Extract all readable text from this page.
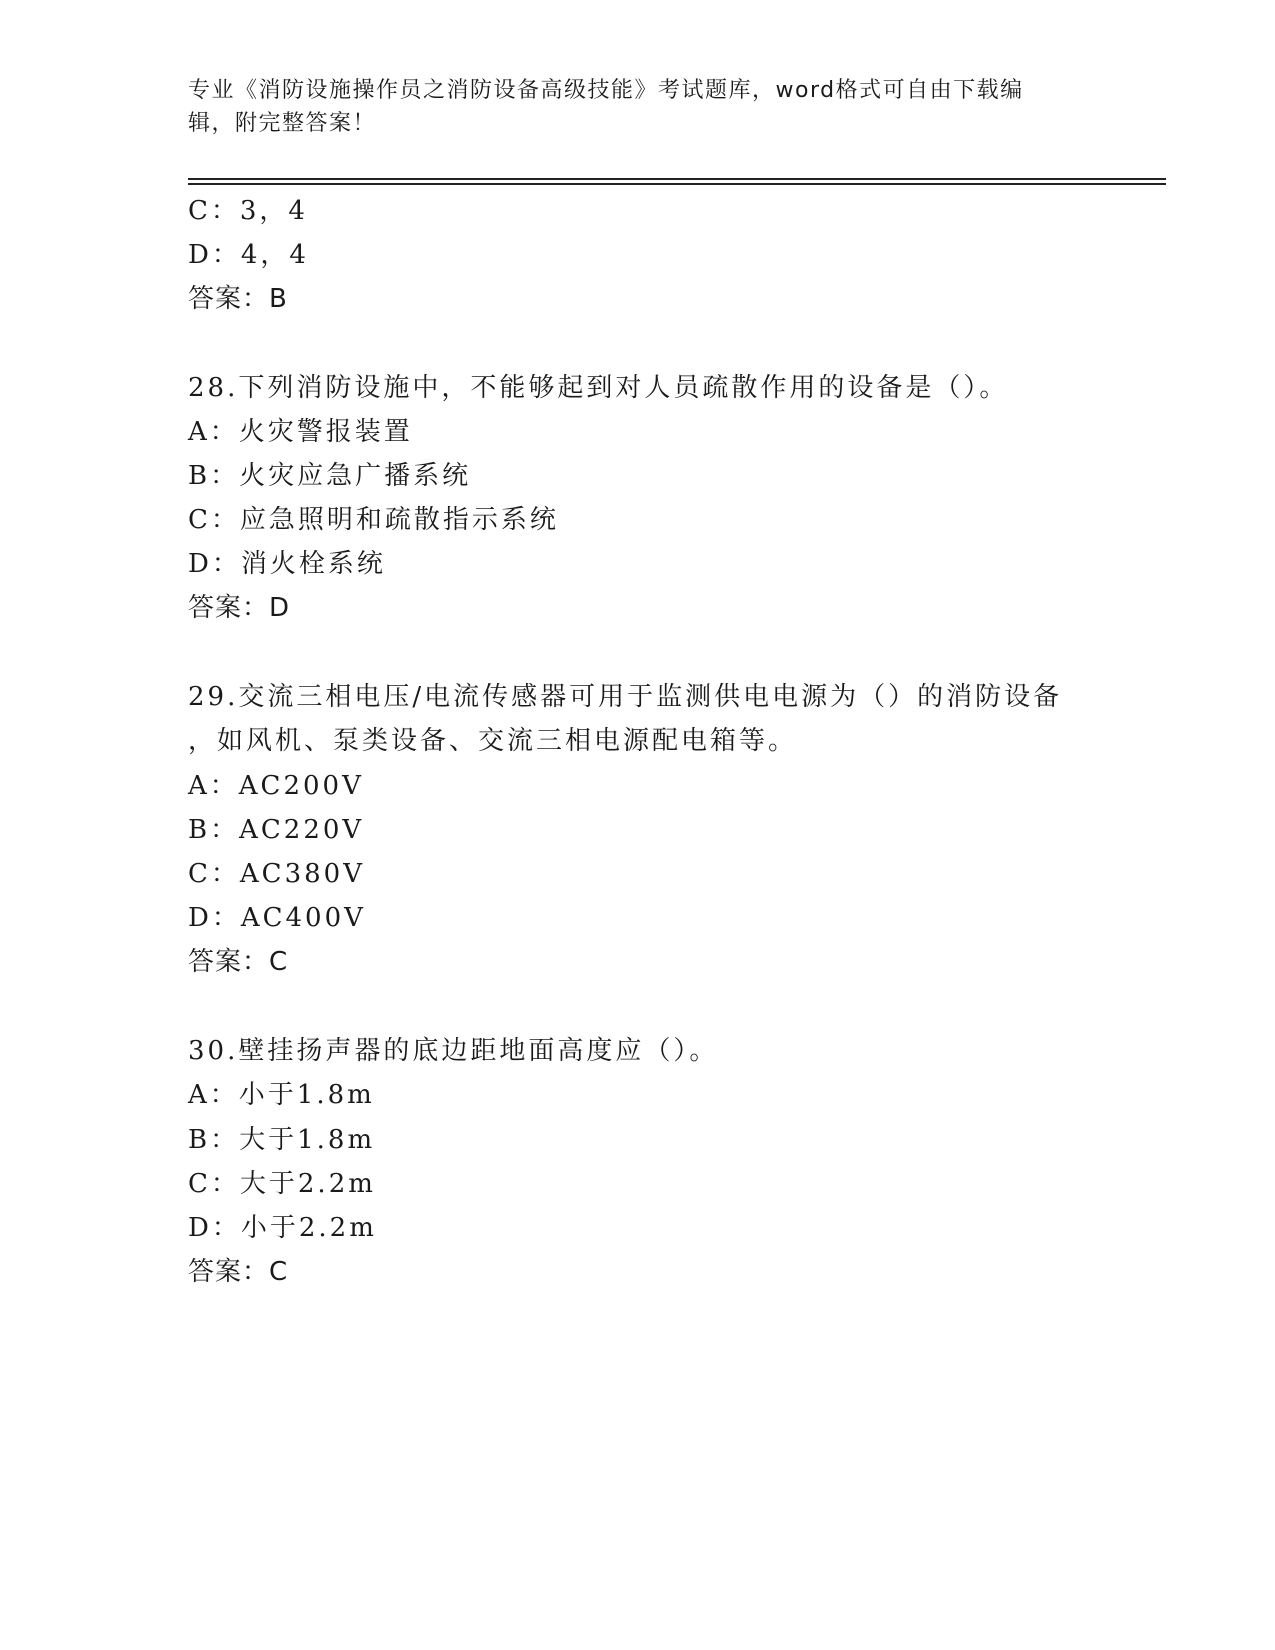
专业《消防设施操作员之消防设备高级技能》考试题库，word格式可自由下载编
辑，附完整答案！
C：3，4
D：4，4
答案：B
28.下列消防设施中，不能够起到对人员疏散作用的设备是（）。
A：火灾警报装置
B：火灾应急广播系统
C：应急照明和疏散指示系统
D：消火栓系统
答案：D
29.交流三相电压/电流传感器可用于监测供电电源为（）的消防设备
，如风机、泵类设备、交流三相电源配电箱等。
A：AC200V
B：AC220V
C：AC380V
D：AC400V
答案：C
30.壁挂扬声器的底边距地面高度应（）。
A：小于1.8m
B：大于1.8m
C：大于2.2m
D：小于2.2m
答案：C
